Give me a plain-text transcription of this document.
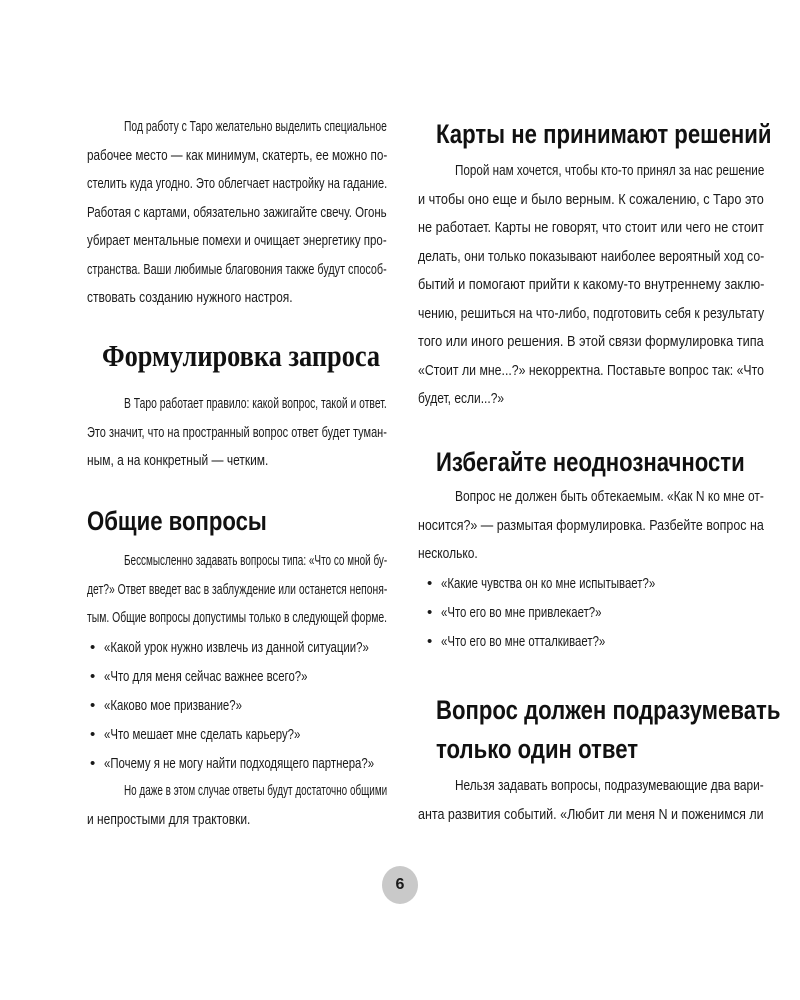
Под работу с Таро желательно выделить специальное
рабочее место — как минимум, скатерть, ее можно по-
стелить куда угодно. Это облегчает настройку на гадание.
Работая с картами, обязательно зажигайте свечу. Огонь
убирает ментальные помехи и очищает энергетику про-
странства. Ваши любимые благовония также будут способ-
ствовать созданию нужного настроя.
Формулировка запроса
В Таро работает правило: какой вопрос, такой и ответ.
Это значит, что на пространный вопрос ответ будет туман-
ным, а на конкретный — четким.
Общие вопросы
Бессмысленно задавать вопросы типа: «Что со мной бу-
дет?» Ответ введет вас в заблуждение или останется непоня-
тым. Общие вопросы допустимы только в следующей форме.
• «Какой урок нужно извлечь из данной ситуации?»
• «Что для меня сейчас важнее всего?»
• «Каково мое призвание?»
• «Что мешает мне сделать карьеру?»
• «Почему я не могу найти подходящего партнера?»
Но даже в этом случае ответы будут достаточно общими
и непростыми для трактовки.
Карты не принимают решений
Порой нам хочется, чтобы кто-то принял за нас решение
и чтобы оно еще и было верным. К сожалению, с Таро это
не работает. Карты не говорят, что стоит или чего не стоит
делать, они только показывают наиболее вероятный ход со-
бытий и помогают прийти к какому-то внутреннему заклю-
чению, решиться на что-либо, подготовить себя к результату
того или иного решения. В этой связи формулировка типа
«Стоит ли мне...?» некорректна. Поставьте вопрос так: «Что
будет, если...?»
Избегайте неоднозначности
Вопрос не должен быть обтекаемым. «Как N ко мне от-
носится?» — размытая формулировка. Разбейте вопрос на
несколько.
• «Какие чувства он ко мне испытывает?»
• «Что его во мне привлекает?»
• «Что его во мне отталкивает?»
Вопрос должен подразумевать
только один ответ
Нельзя задавать вопросы, подразумевающие два вари-
анта развития событий. «Любит ли меня N и поженимся ли
6
